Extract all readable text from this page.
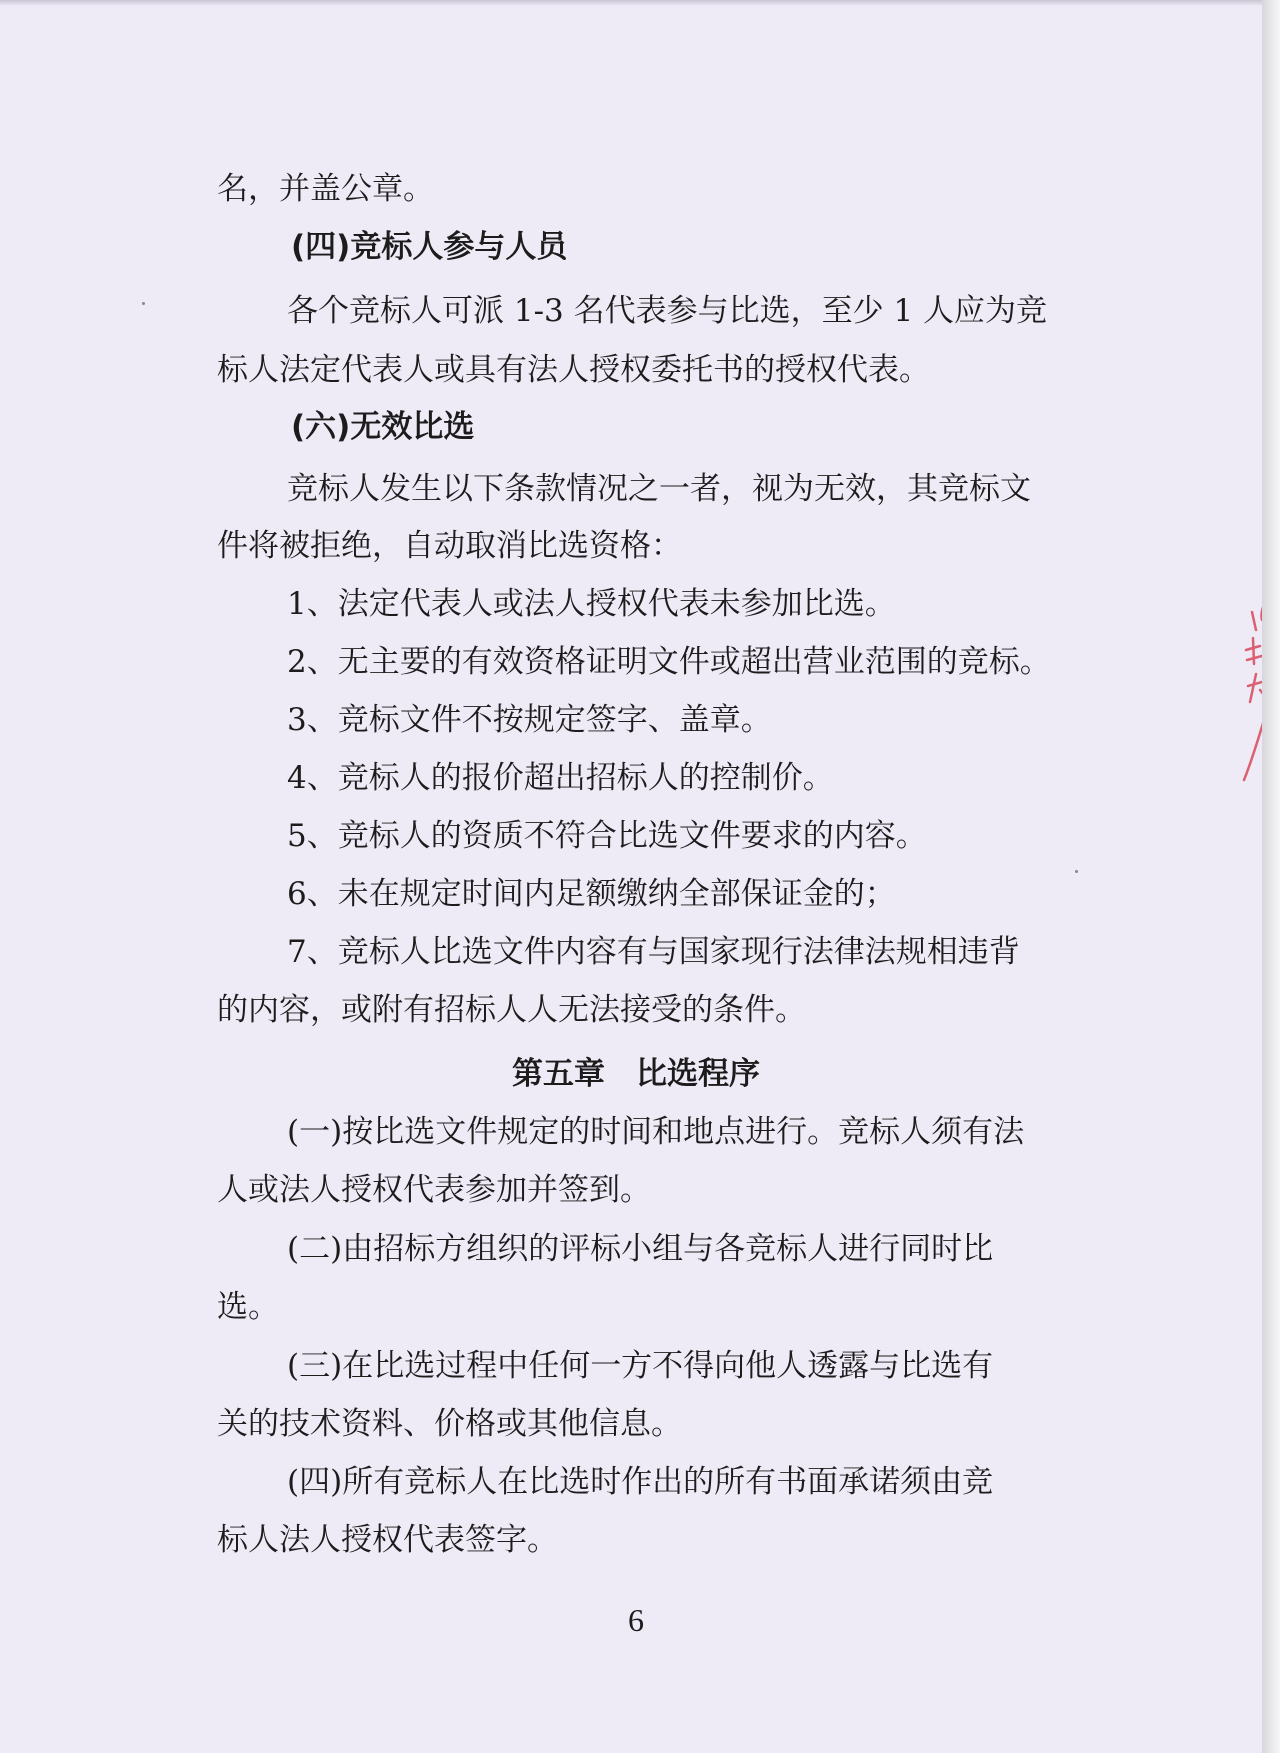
名，并盖公章。
(四)竞标人参与人员
各个竞标人可派 1-3 名代表参与比选，至少 1 人应为竞
标人法定代表人或具有法人授权委托书的授权代表。
(六)无效比选
竞标人发生以下条款情况之一者，视为无效，其竞标文
件将被拒绝，自动取消比选资格：
1、法定代表人或法人授权代表未参加比选。
2、无主要的有效资格证明文件或超出营业范围的竞标。
3、竞标文件不按规定签字、盖章。
4、竞标人的报价超出招标人的控制价。
5、竞标人的资质不符合比选文件要求的内容。
6、未在规定时间内足额缴纳全部保证金的；
7、竞标人比选文件内容有与国家现行法律法规相违背
的内容，或附有招标人人无法接受的条件。
第五章　比选程序
(一)按比选文件规定的时间和地点进行。竞标人须有法
人或法人授权代表参加并签到。
(二)由招标方组织的评标小组与各竞标人进行同时比
选。
(三)在比选过程中任何一方不得向他人透露与比选有
关的技术资料、价格或其他信息。
(四)所有竞标人在比选时作出的所有书面承诺须由竞
标人法人授权代表签字。
6
